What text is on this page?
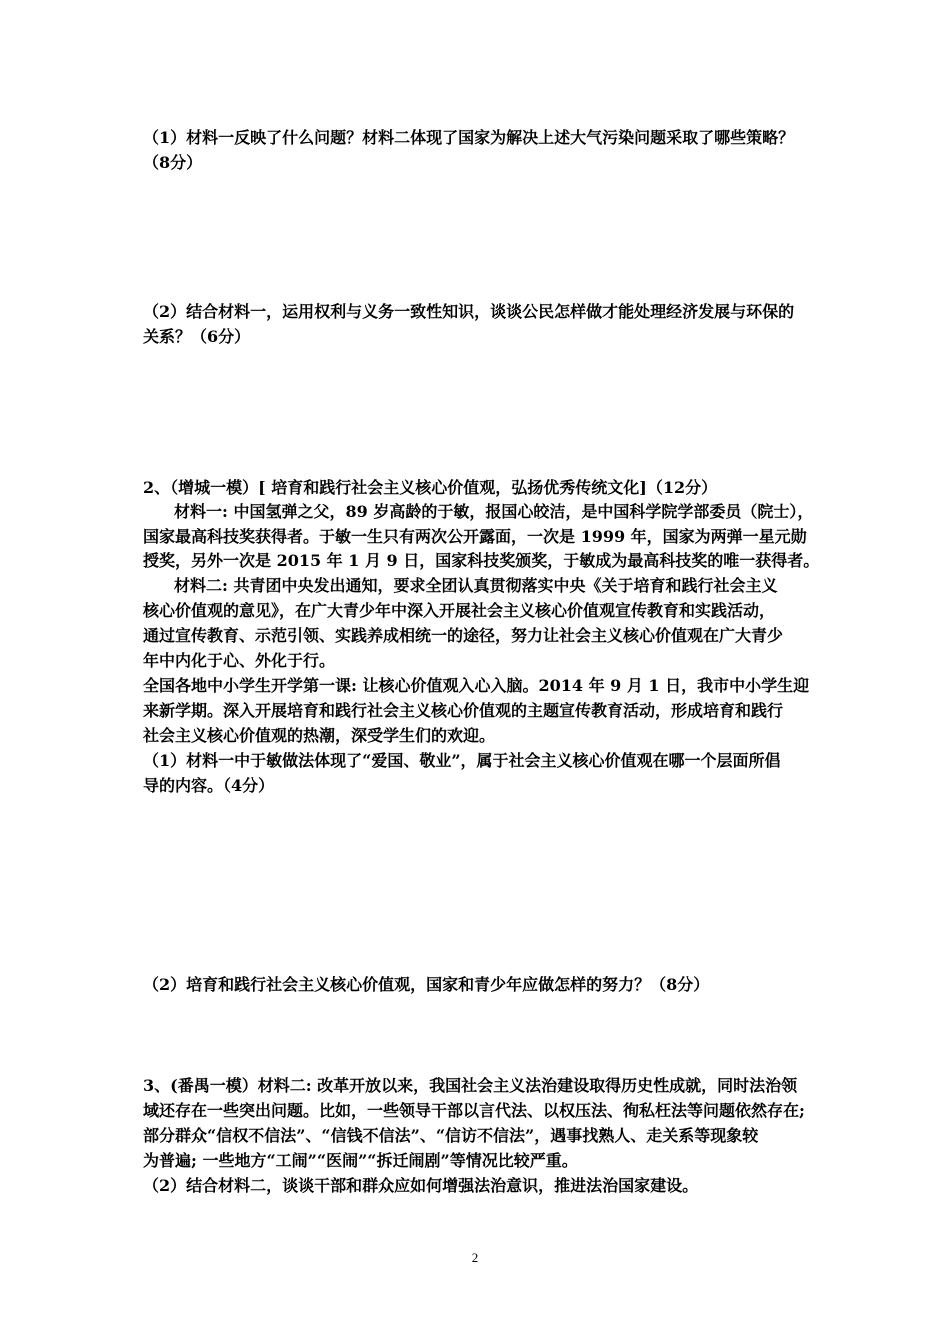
（1）材料一反映了什么问题？材料二体现了国家为解决上述大气污染问题采取了哪些策略？
（8分）
（2）结合材料一，运用权利与义务一致性知识，谈谈公民怎样做才能处理经济发展与环保的
关系？（6分）
2、（增城一模）[ 培育和践行社会主义核心价值观，弘扬优秀传统文化]（12分）
材料一: 中国氢弹之父，89 岁高龄的于敏，报国心皎洁，是中国科学院学部委员（院士），
国家最高科技奖获得者。于敏一生只有两次公开露面，一次是 1999 年，国家为两弹一星元勋
授奖，另外一次是 2015 年 1 月 9 日，国家科技奖颁奖，于敏成为最高科技奖的唯一获得者。
材料二: 共青团中央发出通知，要求全团认真贯彻落实中央《关于培育和践行社会主义
核心价值观的意见》，在广大青少年中深入开展社会主义核心价值观宣传教育和实践活动，
通过宣传教育、示范引领、实践养成相统一的途径，努力让社会主义核心价值观在广大青少
年中内化于心、外化于行。
全国各地中小学生开学第一课: 让核心价值观入心入脑。2014 年 9 月 1 日，我市中小学生迎
来新学期。深入开展培育和践行社会主义核心价值观的主题宣传教育活动，形成培育和践行
社会主义核心价值观的热潮，深受学生们的欢迎。
（1）材料一中于敏做法体现了“爱国、敬业”，属于社会主义核心价值观在哪一个层面所倡
导的内容。（4分）
（2）培育和践行社会主义核心价值观，国家和青少年应做怎样的努力？（8分）
3、(番禺一模）材料二: 改革开放以来，我国社会主义法治建设取得历史性成就，同时法治领
域还存在一些突出问题。比如，一些领导干部以言代法、以权压法、徇私枉法等问题依然存在;
部分群众“信权不信法”、“信钱不信法”、“信访不信法”，遇事找熟人、走关系等现象较
为普遍; 一些地方“工闹”“医闹”“拆迁闹剧”等情况比较严重。
（2）结合材料二，谈谈干部和群众应如何增强法治意识，推进法治国家建设。
2
